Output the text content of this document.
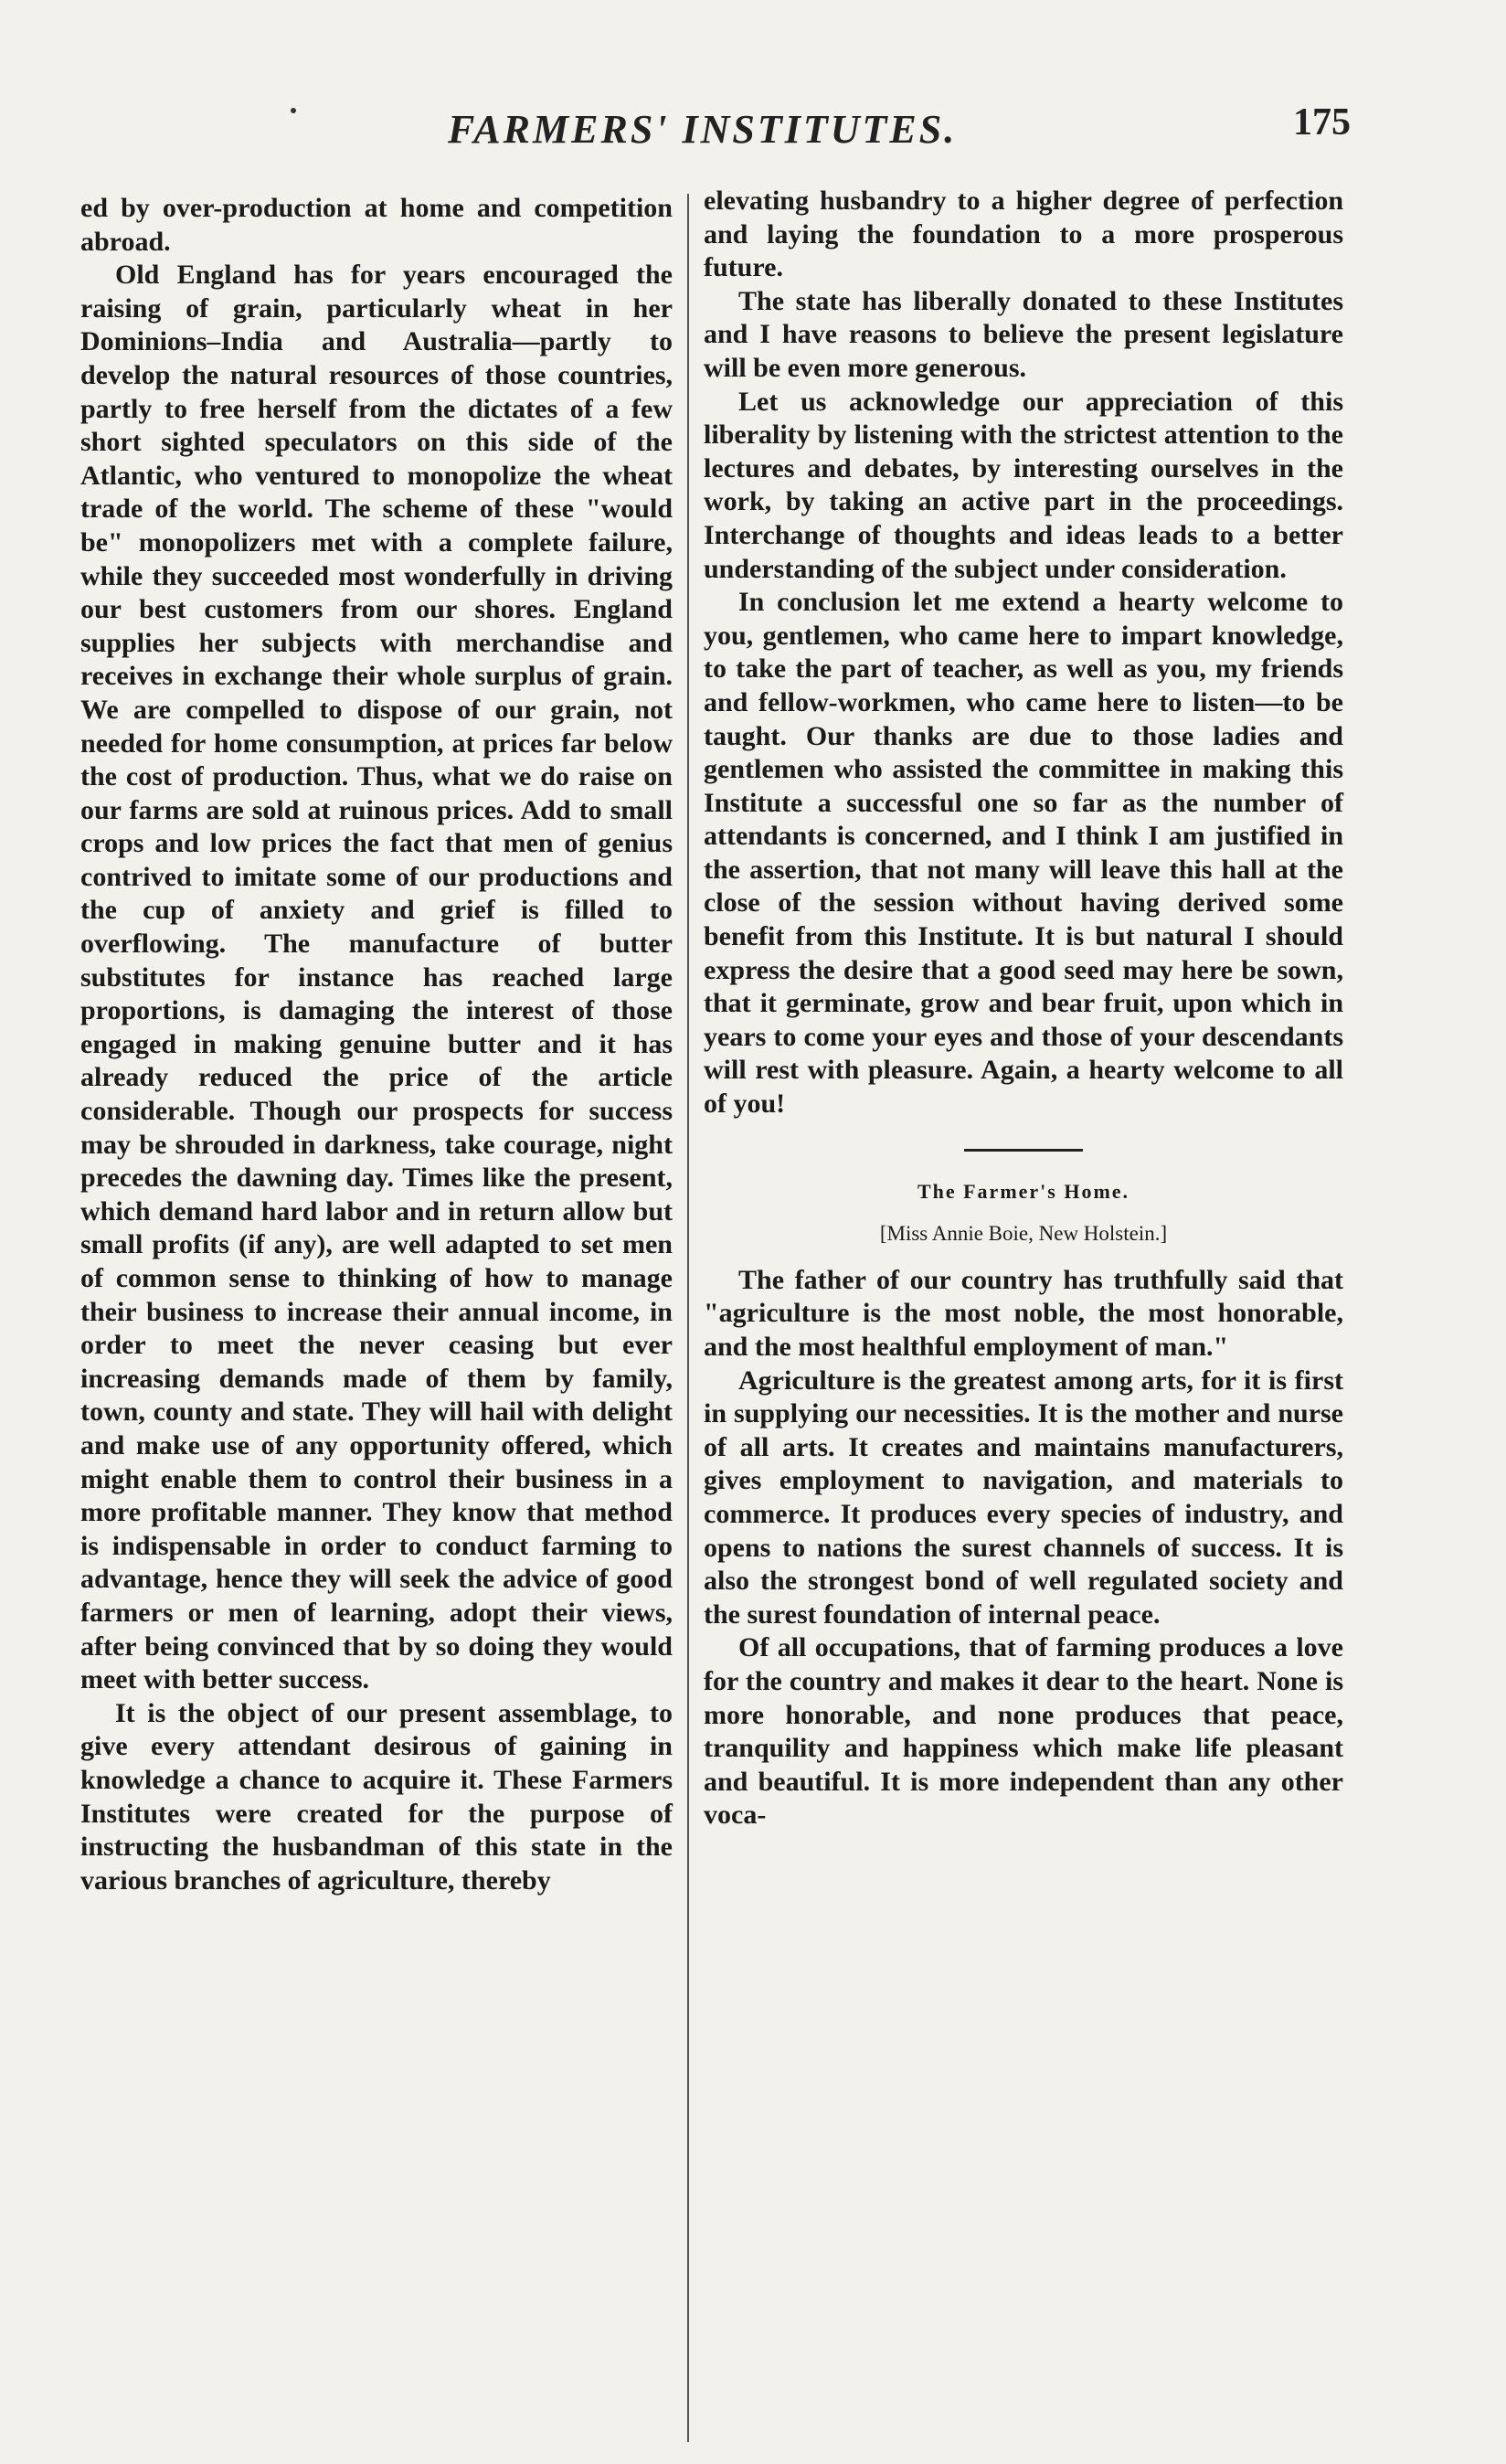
FARMERS' INSTITUTES.	175

ed by over-production at home and competition abroad.

Old England has for years encouraged the raising of grain, particularly wheat in her Dominions–India and Australia—partly to develop the natural resources of those countries, partly to free herself from the dictates of a few short sighted speculators on this side of the Atlantic, who ventured to monopolize the wheat trade of the world. The scheme of these "would be" monopolizers met with a complete failure, while they succeeded most wonderfully in driving our best customers from our shores. England supplies her subjects with merchandise and receives in exchange their whole surplus of grain. We are compelled to dispose of our grain, not needed for home consumption, at prices far below the cost of production. Thus, what we do raise on our farms are sold at ruinous prices. Add to small crops and low prices the fact that men of genius contrived to imitate some of our productions and the cup of anxiety and grief is filled to overflowing. The manufacture of butter substitutes for instance has reached large proportions, is damaging the interest of those engaged in making genuine butter and it has already reduced the price of the article considerable. Though our prospects for success may be shrouded in darkness, take courage, night precedes the dawning day. Times like the present, which demand hard labor and in return allow but small profits (if any), are well adapted to set men of common sense to thinking of how to manage their business to increase their annual income, in order to meet the never ceasing but ever increasing demands made of them by family, town, county and state. They will hail with delight and make use of any opportunity offered, which might enable them to control their business in a more profitable manner. They know that method is indispensable in order to conduct farming to advantage, hence they will seek the advice of good farmers or men of learning, adopt their views, after being convinced that by so doing they would meet with better success.

It is the object of our present assemblage, to give every attendant desirous of gaining in knowledge a chance to acquire it. These Farmers Institutes were created for the purpose of instructing the husbandman of this state in the various branches of agriculture, thereby

elevating husbandry to a higher degree of perfection and laying the foundation to a more prosperous future.

The state has liberally donated to these Institutes and I have reasons to believe the present legislature will be even more generous.

Let us acknowledge our appreciation of this liberality by listening with the strictest attention to the lectures and debates, by interesting ourselves in the work, by taking an active part in the proceedings. Interchange of thoughts and ideas leads to a better understanding of the subject under consideration.

In conclusion let me extend a hearty welcome to you, gentlemen, who came here to impart knowledge, to take the part of teacher, as well as you, my friends and fellow-workmen, who came here to listen—to be taught. Our thanks are due to those ladies and gentlemen who assisted the committee in making this Institute a successful one so far as the number of attendants is concerned, and I think I am justified in the assertion, that not many will leave this hall at the close of the session without having derived some benefit from this Institute. It is but natural I should express the desire that a good seed may here be sown, that it germinate, grow and bear fruit, upon which in years to come your eyes and those of your descendants will rest with pleasure. Again, a hearty welcome to all of you!

The Farmer's Home.
[Miss Annie Boie, New Holstein.]

The father of our country has truthfully said that "agriculture is the most noble, the most honorable, and the most healthful employment of man."

Agriculture is the greatest among arts, for it is first in supplying our necessities. It is the mother and nurse of all arts. It creates and maintains manufacturers, gives employment to navigation, and materials to commerce. It produces every species of industry, and opens to nations the surest channels of success. It is also the strongest bond of well regulated society and the surest foundation of internal peace.

Of all occupations, that of farming produces a love for the country and makes it dear to the heart. None is more honorable, and none produces that peace, tranquility and happiness which make life pleasant and beautiful. It is more independent than any other voca-
